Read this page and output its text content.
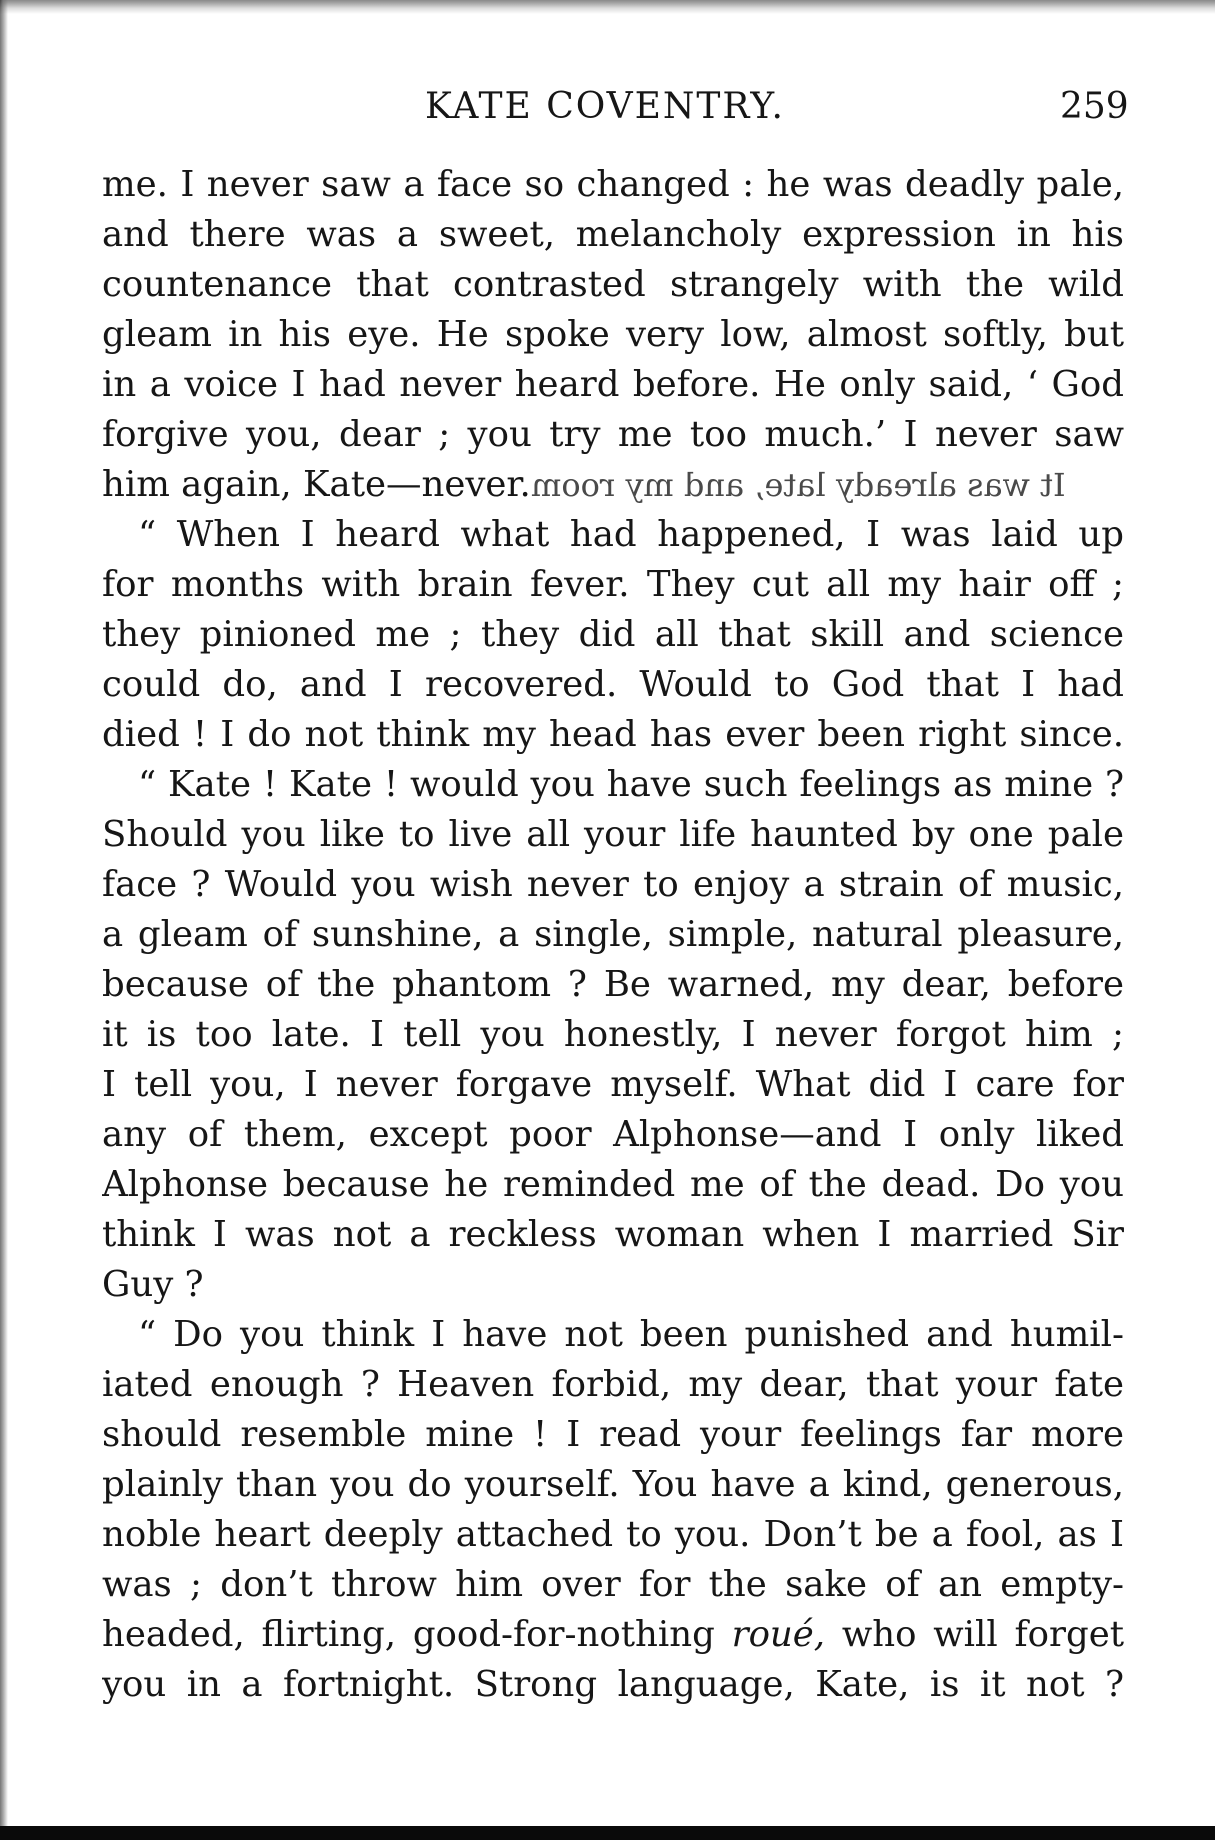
KATE COVENTRY.	259
me. I never saw a face so changed : he was deadly pale,
and there was a sweet, melancholy expression in his
countenance that contrasted strangely with the wild
gleam in his eye. He spoke very low, almost softly, but
in a voice I had never heard before. He only said, ‘ God
forgive you, dear ; you try me too much.’ I never saw
him again, Kate—never.It was already late, and my room
“ When I heard what had happened, I was laid up
for months with brain fever. They cut all my hair off ;
they pinioned me ; they did all that skill and science
could do, and I recovered. Would to God that I had
died ! I do not think my head has ever been right since.
“ Kate ! Kate ! would you have such feelings as mine ?
Should you like to live all your life haunted by one pale
face ? Would you wish never to enjoy a strain of music,
a gleam of sunshine, a single, simple, natural pleasure,
because of the phantom ? Be warned, my dear, before
it is too late. I tell you honestly, I never forgot him ;
I tell you, I never forgave myself. What did I care for
any of them, except poor Alphonse—and I only liked
Alphonse because he reminded me of the dead. Do you
think I was not a reckless woman when I married Sir
Guy ?
“ Do you think I have not been punished and humil-
iated enough ? Heaven forbid, my dear, that your fate
should resemble mine ! I read your feelings far more
plainly than you do yourself. You have a kind, generous,
noble heart deeply attached to you. Don’t be a fool, as I
was ; don’t throw him over for the sake of an empty-
headed, flirting, good-for-nothing roué, who will forget
you in a fortnight. Strong language, Kate, is it not ?
